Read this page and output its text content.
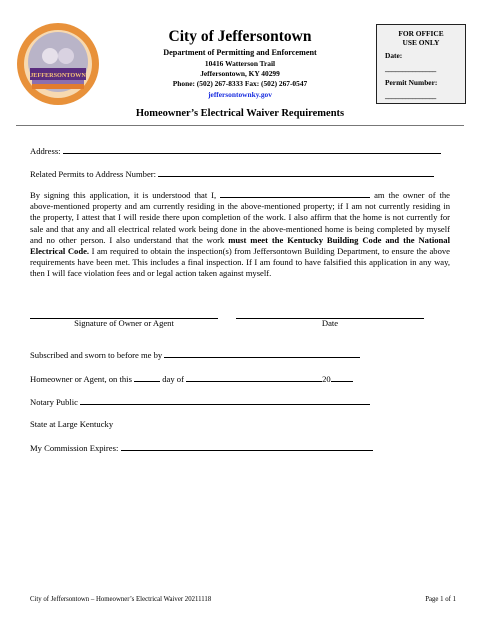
JEFFERSONTOWN
City of Jeffersontown
Department of Permitting and Enforcement
10416 Watterson Trail
Jeffersontown, KY 40299
Phone: (502) 267-8333 Fax: (502) 267-0547
jeffersontownky.gov
FOR OFFICE
USE ONLY
Date:
_______________
Permit Number:
_______________
Homeowner’s Electrical Waiver Requirements
Address:
Related Permits to Address Number:
By signing this application, it is understood that I,	am the owner of the above-mentioned property and am currently residing in the above-mentioned property; if I am not currently residing in the property, I attest that I will reside there upon completion of the work. I also affirm that the home is not currently for sale and that any and all electrical related work being done in the above-mentioned home is being completed by myself and no other person. I also understand that the work must meet the Kentucky Building Code and the National Electrical Code. I am required to obtain the inspection(s) from Jeffersontown Building Department, to ensure the above requirements have been met. This includes a final inspection. If I am found to have falsified this application in any way, then I will face violation fees and or legal action taken against myself.
Signature of Owner or Agent	Date
Subscribed and sworn to before me by
Homeowner or Agent, on this	day of	20
Notary Public
State at Large Kentucky
My Commission Expires:
City of Jeffersontown – Homeowner’s Electrical Waiver 20211118	Page 1 of 1
